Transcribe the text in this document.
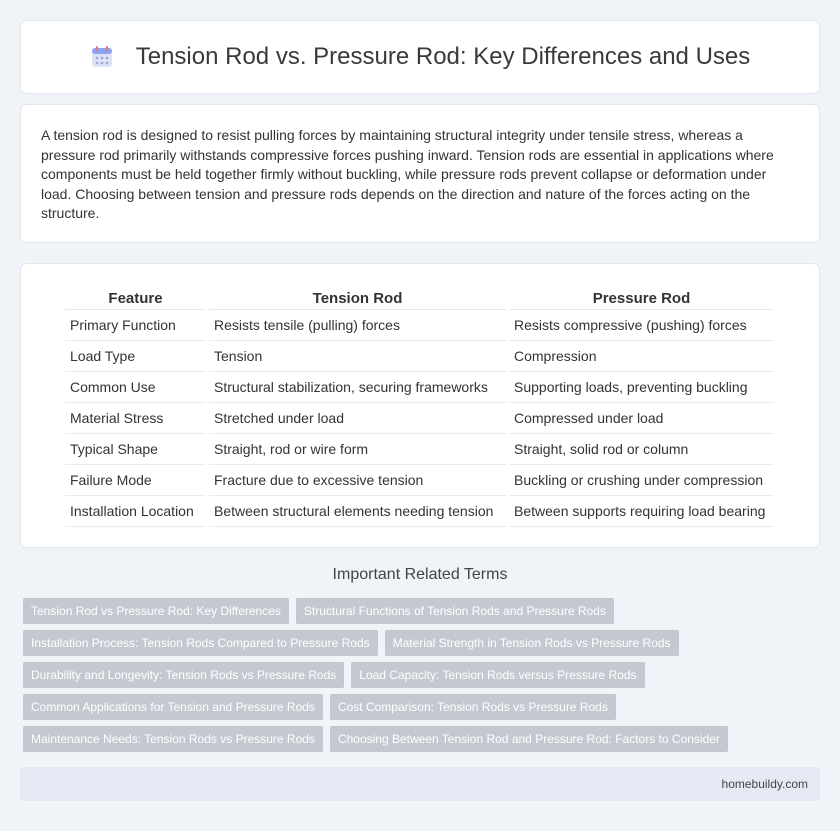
Tension Rod vs. Pressure Rod: Key Differences and Uses

A tension rod is designed to resist pulling forces by maintaining structural integrity under tensile stress, whereas a pressure rod primarily withstands compressive forces pushing inward. Tension rods are essential in applications where components must be held together firmly without buckling, while pressure rods prevent collapse or deformation under load. Choosing between tension and pressure rods depends on the direction and nature of the forces acting on the structure.

Feature	Tension Rod	Pressure Rod
Primary Function	Resists tensile (pulling) forces	Resists compressive (pushing) forces
Load Type	Tension	Compression
Common Use	Structural stabilization, securing frameworks	Supporting loads, preventing buckling
Material Stress	Stretched under load	Compressed under load
Typical Shape	Straight, rod or wire form	Straight, solid rod or column
Failure Mode	Fracture due to excessive tension	Buckling or crushing under compression
Installation Location	Between structural elements needing tension	Between supports requiring load bearing

Important Related Terms

Tension Rod vs Pressure Rod: Key Differences	Structural Functions of Tension Rods and Pressure Rods
Installation Process: Tension Rods Compared to Pressure Rods	Material Strength in Tension Rods vs Pressure Rods
Durability and Longevity: Tension Rods vs Pressure Rods	Load Capacity: Tension Rods versus Pressure Rods
Common Applications for Tension and Pressure Rods	Cost Comparison: Tension Rods vs Pressure Rods
Maintenance Needs: Tension Rods vs Pressure Rods	Choosing Between Tension Rod and Pressure Rod: Factors to Consider
homebuildy.com
